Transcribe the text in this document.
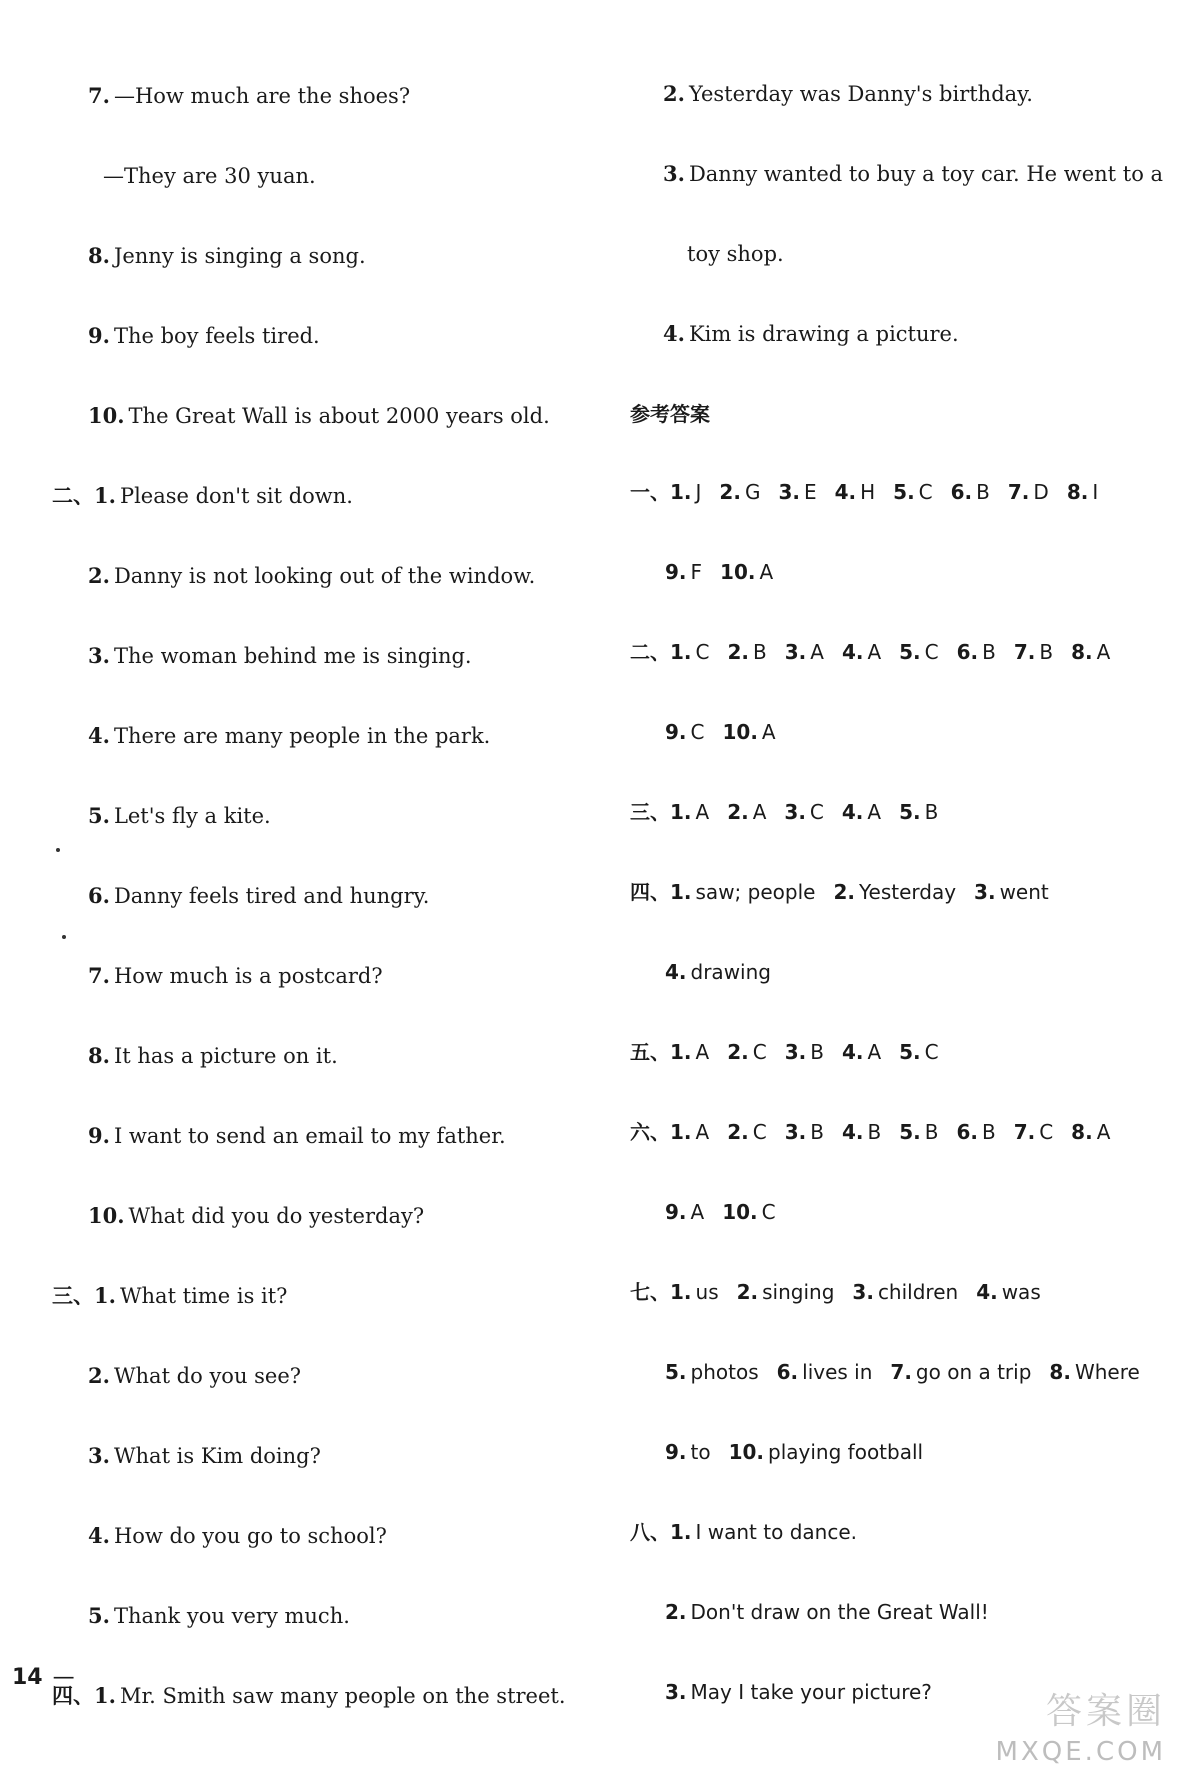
7. —How much are the shoes?
—They are 30 yuan.
8. Jenny is singing a song.
9. The boy feels tired.
10. The Great Wall is about 2000 years old.
二、1. Please don't sit down.
2. Danny is not looking out of the window.
3. The woman behind me is singing.
4. There are many people in the park.
5. Let's fly a kite.
6. Danny feels tired and hungry.
7. How much is a postcard?
8. It has a picture on it.
9. I want to send an email to my father.
10. What did you do yesterday?
三、1. What time is it?
2. What do you see?
3. What is Kim doing?
4. How do you go to school?
5. Thank you very much.
四、1. Mr. Smith saw many people on the street.
2. Yesterday was Danny's birthday.
3. Danny wanted to buy a toy car. He went to a
toy shop.
4. Kim is drawing a picture.
参考答案
一、1. J 2. G 3. E 4. H 5. C 6. B 7. D 8. I
9. F 10. A
二、1. C 2. B 3. A 4. A 5. C 6. B 7. B 8. A
9. C 10. A
三、1. A 2. A 3. C 4. A 5. B
四、1. saw; people 2. Yesterday 3. went
4. drawing
五、1. A 2. C 3. B 4. A 5. C
六、1. A 2. C 3. B 4. B 5. B 6. B 7. C 8. A
9. A 10. C
七、1. us 2. singing 3. children 4. was
5. photos 6. lives in 7. go on a trip 8. Where
9. to 10. playing football
八、1. I want to dance.
2. Don't draw on the Great Wall!
3. May I take your picture?
14 —
答案圈
MXQE.COM
